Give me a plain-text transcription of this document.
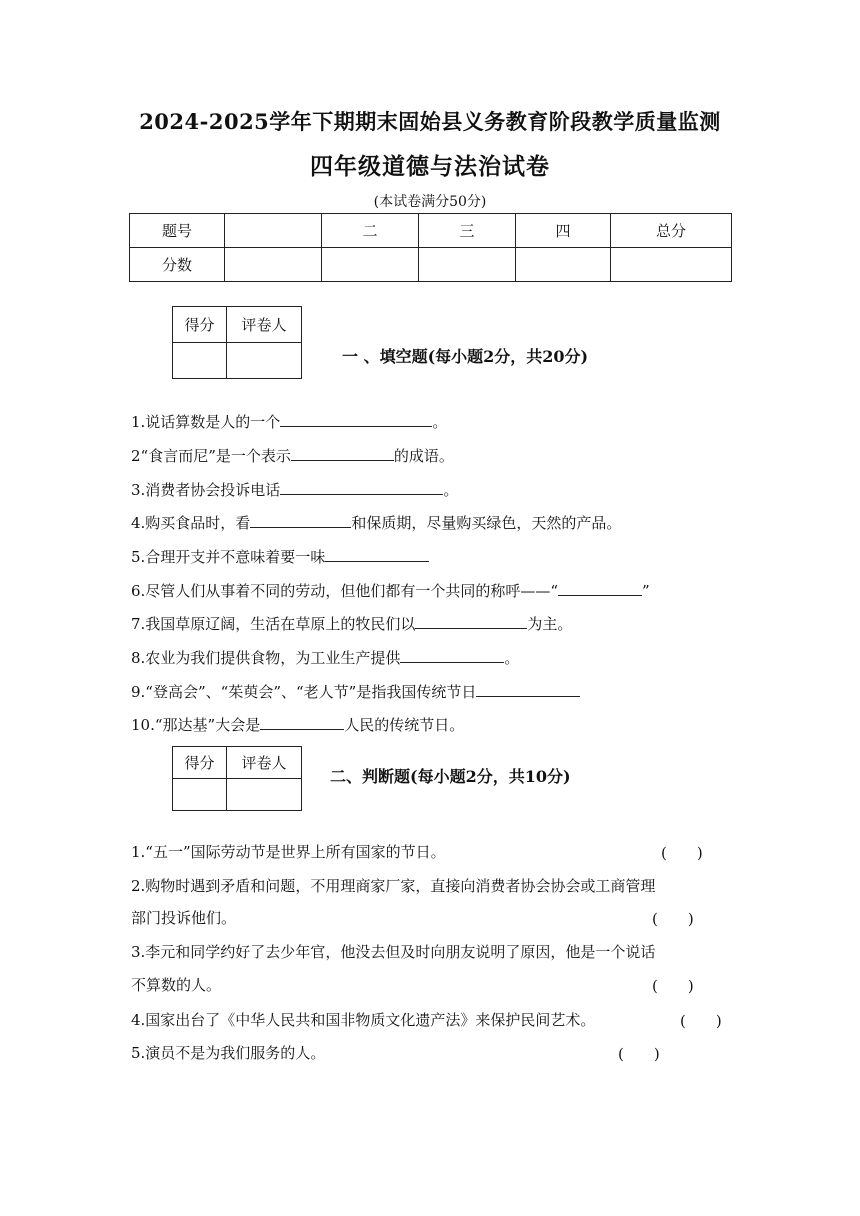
2024-2025学年下期期末固始县义务教育阶段教学质量监测
四年级道德与法治试卷
(本试卷满分50分)
题号		二	三	四	总分
分数					
得分	评卷人

一 、填空题(每小题2分，共20分)
1.说话算数是人的一个	。
2“食言而尼”是一个表示	的成语。
3.消费者协会投诉电话	。
4.购买食品时，看	和保质期，尽量购买绿色，天然的产品。
5.合理开支并不意味着要一味
6.尽管人们从事着不同的劳动，但他们都有一个共同的称呼——“	”
7.我国草原辽阔，生活在草原上的牧民们以	为主。
8.农业为我们提供食物，为工业生产提供	。
9.“登高会”、“茱萸会”、“老人节”是指我国传统节日
10.“那达基”大会是	人民的传统节日。
得分	评卷人

二、判断题(每小题2分，共10分)
1.“五一”国际劳动节是世界上所有国家的节日。	(　　)
2.购物时遇到矛盾和问题，不用理商家厂家，直接向消费者协会协会或工商管理
部门投诉他们。	(　　)
3.李元和同学约好了去少年官，他没去但及时向朋友说明了原因，他是一个说话
不算数的人。	(　　)
4.国家出台了《中华人民共和国非物质文化遗产法》来保护民间艺术。	(　　)
5.演员不是为我们服务的人。	(　　)
